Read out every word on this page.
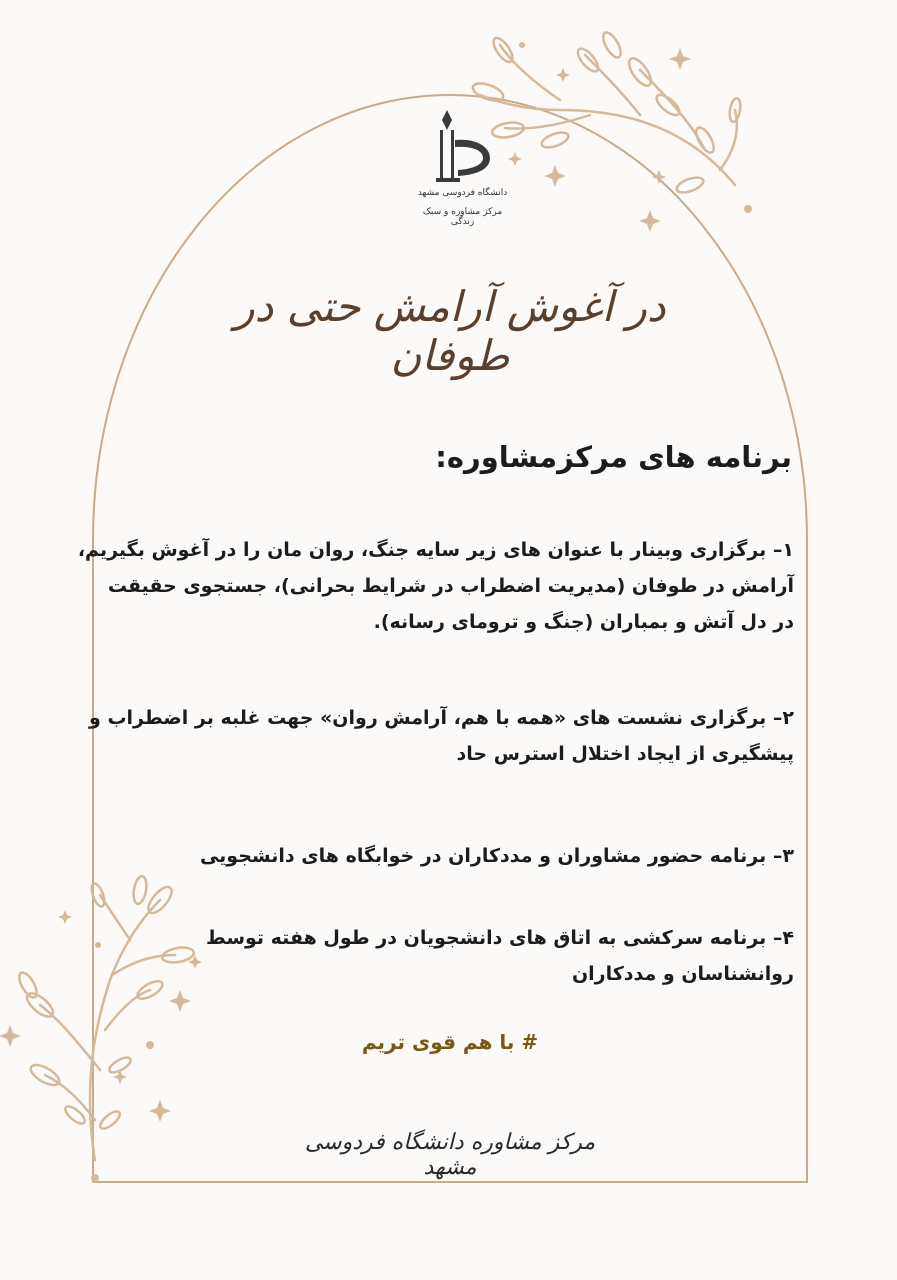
دانشگاه فردوسی مشهد
مرکز مشاوره و سبک زندگی
در آغوش آرامش حتی در طوفان
برنامه های مرکزمشاوره:
۱– برگزاری وبینار با عنوان های زیر سایه جنگ، روان مان را در آغوش بگیریم،
آرامش در طوفان (مدیریت اضطراب در شرایط بحرانی)، جستجوی حقیقت
در دل آتش و بمباران (جنگ و ترومای رسانه).
۲– برگزاری نشست های «همه با هم، آرامش روان» جهت غلبه بر اضطراب و
پیشگیری از ایجاد اختلال استرس حاد
۳– برنامه حضور مشاوران و مددکاران در خوابگاه های دانشجویی
۴– برنامه سرکشی به اتاق های دانشجویان در طول هفته توسط
روانشناسان و مددکاران
# با هم قوی تریم
مرکز مشاوره دانشگاه فردوسی مشهد
